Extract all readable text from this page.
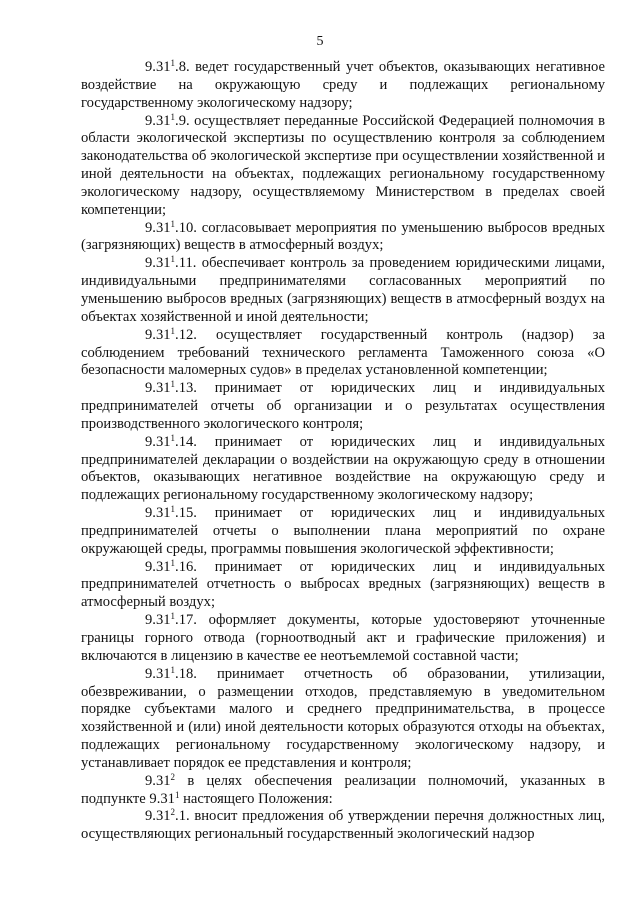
5

9.31$^1$.8. ведет государственный учет объектов, оказывающих негативное воздействие на окружающую среду и подлежащих региональному государственному экологическому надзору;

9.31$^1$.9. осуществляет переданные Российской Федерацией полномочия в области экологической экспертизы по осуществлению контроля за соблюдением законодательства об экологической экспертизе при осуществлении хозяйственной и иной деятельности на объектах, подлежащих региональному государственному экологическому надзору, осуществляемому Министерством в пределах своей компетенции;

9.31$^1$.10. согласовывает мероприятия по уменьшению выбросов вредных (загрязняющих) веществ в атмосферный воздух;

9.31$^1$.11. обеспечивает контроль за проведением юридическими лицами, индивидуальными предпринимателями согласованных мероприятий по уменьшению выбросов вредных (загрязняющих) веществ в атмосферный воздух на объектах хозяйственной и иной деятельности;

9.31$^1$.12. осуществляет государственный контроль (надзор) за соблюдением требований технического регламента Таможенного союза «О безопасности маломерных судов» в пределах установленной компетенции;

9.31$^1$.13. принимает от юридических лиц и индивидуальных предпринимателей отчеты об организации и о результатах осуществления производственного экологического контроля;

9.31$^1$.14. принимает от юридических лиц и индивидуальных предпринимателей декларации о воздействии на окружающую среду в отношении объектов, оказывающих негативное воздействие на окружающую среду и подлежащих региональному государственному экологическому надзору;

9.31$^1$.15. принимает от юридических лиц и индивидуальных предпринимателей отчеты о выполнении плана мероприятий по охране окружающей среды, программы повышения экологической эффективности;

9.31$^1$.16. принимает от юридических лиц и индивидуальных предпринимателей отчетность о выбросах вредных (загрязняющих) веществ в атмосферный воздух;

9.31$^1$.17. оформляет документы, которые удостоверяют уточненные границы горного отвода (горноотводный акт и графические приложения) и включаются в лицензию в качестве ее неотъемлемой составной части;

9.31$^1$.18. принимает отчетность об образовании, утилизации, обезвреживании, о размещении отходов, представляемую в уведомительном порядке субъектами малого и среднего предпринимательства, в процессе хозяйственной и (или) иной деятельности которых образуются отходы на объектах, подлежащих региональному государственному экологическому надзору, и устанавливает порядок ее представления и контроля;

9.31$^2$ в целях обеспечения реализации полномочий, указанных в подпункте 9.31$^1$ настоящего Положения:

9.31$^2$.1. вносит предложения об утверждении перечня должностных лиц, осуществляющих региональный государственный экологический надзор
